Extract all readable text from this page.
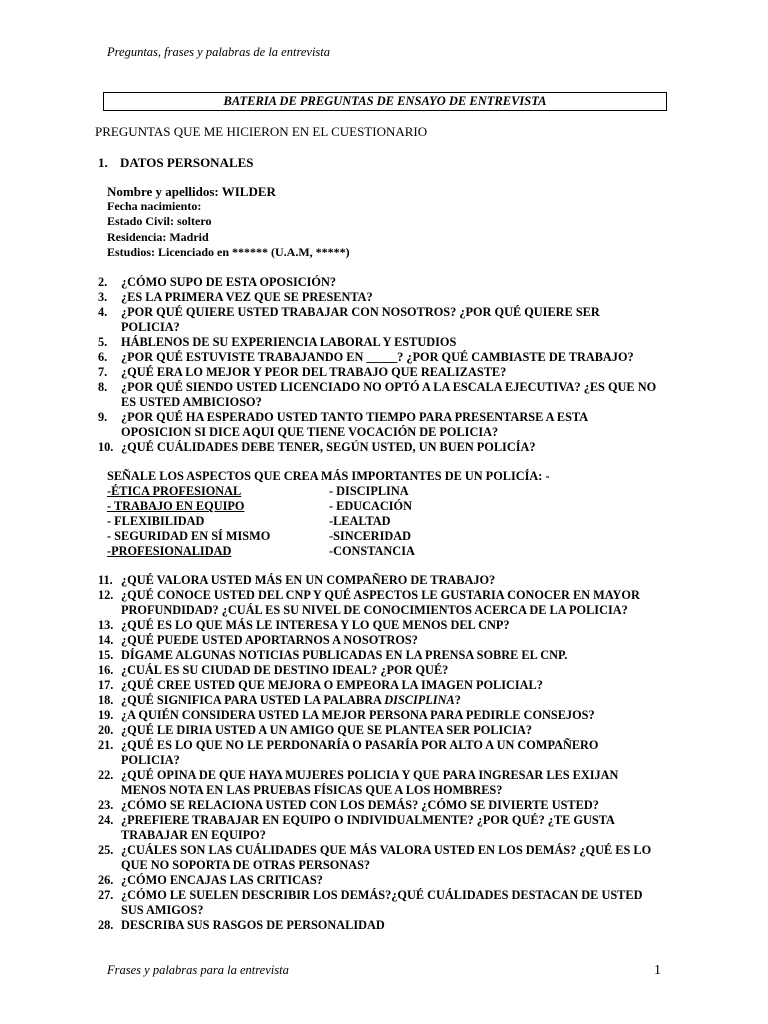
Preguntas, frases y palabras de la entrevista
BATERIA DE PREGUNTAS DE ENSAYO DE ENTREVISTA
PREGUNTAS QUE ME HICIERON EN EL CUESTIONARIO
1. DATOS PERSONALES
Nombre y apellidos: WILDER
Fecha nacimiento:
Estado Civil: soltero
Residencia: Madrid
Estudios: Licenciado en ****** (U.A.M, *****)
2.	¿CÓMO SUPO DE ESTA OPOSICIÓN?
3.	¿ES LA PRIMERA VEZ QUE SE PRESENTA?
4.	¿POR QUÉ QUIERE USTED TRABAJAR CON NOSOTROS? ¿POR QUÉ QUIERE SER POLICIA?
5.	HÁBLENOS DE SU EXPERIENCIA LABORAL Y ESTUDIOS
6.	¿POR QUÉ ESTUVISTE TRABAJANDO EN _____? ¿POR QUÉ CAMBIASTE DE TRABAJO?
7.	¿QUÉ ERA LO MEJOR Y PEOR DEL TRABAJO QUE REALIZASTE?
8.	¿POR QUÉ SIENDO USTED LICENCIADO NO OPTÓ A LA ESCALA EJECUTIVA? ¿ES QUE NO ES USTED AMBICIOSO?
9.	¿POR QUÉ HA ESPERADO USTED TANTO TIEMPO PARA PRESENTARSE A ESTA OPOSICION SI DICE AQUI QUE TIENE VOCACIÓN DE POLICIA?
10. ¿QUÉ CUÁLIDADES DEBE TENER, SEGÚN USTED, UN BUEN POLICÍA?
SEÑALE LOS ASPECTOS QUE CREA MÁS IMPORTANTES DE UN POLICÍA: -
-ÉTICA PROFESIONAL	- DISCIPLINA
- TRABAJO EN EQUIPO	- EDUCACIÓN
- FLEXIBILIDAD	-LEALTAD
- SEGURIDAD EN SÍ MISMO	-SINCERIDAD
-PROFESIONALIDAD	-CONSTANCIA
11. ¿QUÉ VALORA USTED MÁS EN UN COMPAÑERO DE TRABAJO?
12. ¿QUÉ CONOCE USTED DEL CNP Y QUÉ ASPECTOS LE GUSTARIA CONOCER EN MAYOR PROFUNDIDAD? ¿CUÁL ES SU NIVEL DE CONOCIMIENTOS ACERCA DE LA POLICIA?
13. ¿QUÉ ES LO QUE MÁS LE INTERESA Y LO QUE MENOS DEL CNP?
14. ¿QUÉ PUEDE USTED APORTARNOS A NOSOTROS?
15. DÍGAME ALGUNAS NOTICIAS PUBLICADAS EN LA PRENSA SOBRE EL CNP.
16. ¿CUÁL ES SU CIUDAD DE DESTINO IDEAL? ¿POR QUÉ?
17. ¿QUÉ CREE USTED QUE MEJORA O EMPEORA LA IMAGEN POLICIAL?
18. ¿QUÉ SIGNIFICA PARA USTED LA PALABRA DISCIPLINA?
19. ¿A QUIÉN CONSIDERA USTED LA MEJOR PERSONA PARA PEDIRLE CONSEJOS?
20. ¿QUÉ LE DIRIA USTED A UN AMIGO QUE SE PLANTEA SER POLICIA?
21. ¿QUÉ ES LO QUE NO LE PERDONARÍA O PASARÍA POR ALTO A UN COMPAÑERO POLICIA?
22. ¿QUÉ OPINA DE QUE HAYA MUJERES POLICIA Y QUE PARA INGRESAR LES EXIJAN MENOS NOTA EN LAS PRUEBAS FÍSICAS QUE A LOS HOMBRES?
23. ¿CÓMO SE RELACIONA USTED CON LOS DEMÁS? ¿CÓMO SE DIVIERTE USTED?
24. ¿PREFIERE TRABAJAR EN EQUIPO O INDIVIDUALMENTE? ¿POR QUÉ? ¿TE GUSTA TRABAJAR EN EQUIPO?
25. ¿CUÁLES SON LAS CUÁLIDADES QUE MÁS VALORA USTED EN LOS DEMÁS? ¿QUÉ ES LO QUE NO SOPORTA DE OTRAS PERSONAS?
26. ¿CÓMO ENCAJAS LAS CRITICAS?
27. ¿CÓMO LE SUELEN DESCRIBIR LOS DEMÁS?¿QUÉ CUÁLIDADES DESTACAN DE USTED SUS AMIGOS?
28. DESCRIBA SUS RASGOS DE PERSONALIDAD
Frases y palabras para la entrevista	1
